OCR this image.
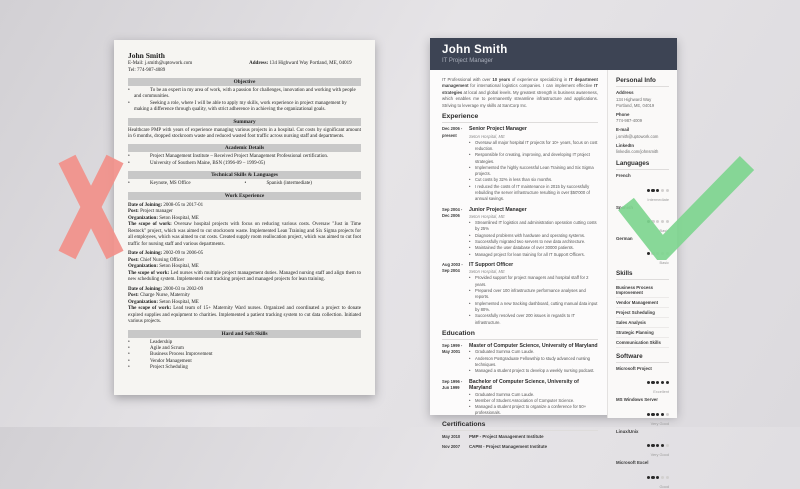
John Smith
E-Mail: j.smith@uptowork.com
Tel: 774-987-4089
Address: 134 Highward Way Portland, ME, 04019
Objective
• To be an expert in my area of work, with a passion for challenges, innovation and working with people and communities.
• Seeking a role, where I will be able to apply my skills, work experience in project management by making a difference through quality, with strict adherence in achieving the organizational goals.
Summary

Healthcare PMP with years of experience managing various projects in a hospital. Cut costs by significant amount in 6 months, dropped stockroom waste and reduced wasted foot traffic across nursing staff and departments.

Academic Details
• Project Management Institute – Received Project Management Professional certification.
• University of Southern Maine, BSN (1996-09 – 1999-05)
Technical Skills & Languages
• Keynote, MS Office	• Spanish (intermediate)
Work Experience
Date of Joining: 2008-05 to 2017-01
Post: Project manager
Organization: Seton Hospital, ME
The scope of work: Oversaw hospital projects with focus on reducing various costs. Oversaw "Just in Time Restock" project, which was aimed to cut stockroom waste. Implemented Lean Training and Six Sigma projects for all employees, which was aimed to cut costs. Created supply room reallocation project, which was aimed to cut foot traffic for nursing staff and various departments.
Date of Joining: 2002-09 to 2006-05
Post: Chief Nursing Officer
Organization: Seton Hospital, ME
The scope of work: Led nurses with multiple project management duties. Managed nursing staff and align them to new scheduling system. Implemented cost tracking project and managed projects for lean training.
Date of Joining: 2000-03 to 2002-09
Post: Charge Nurse, Maternity
Organization: Seton Hospital, ME
The scope of work: Lead team of 15+ Maternity Ward nurses. Organized and coordinated a project to donate expired supplies and equipment to charities. Implemented a patient tracking system to cut data collection. Initiated various projects.
Hard and Soft Skills
• Leadership
• Agile and Scrum
• Business Process Improvement
• Vendor Management
• Project Scheduling
John Smith
IT Project Manager

IT Professional with over 10 years of experience specializing in IT department management for international logistics companies. I can implement effective IT strategies at local and global levels. My greatest strength is business awareness, which enables me to permanently streamline infrastructure and applications. Striving to leverage my skills at SanCorp Inc.

Experience
Dec 2006 -
present
Senior Project Manager
Seton Hospital, ME
• Oversaw all major hospital IT projects for 10+ years, focus on cost reduction.
• Responsible for creating, improving, and developing IT project strategies.
• Implemented the highly successful Lean Training and Six Sigma projects.
• Cut costs by 32% in less than six months.
• I reduced the costs of IT maintenance in 2015 by successfully rebuilding the server infrastructure resulting in over $50'000 of annual savings.
Sep 2004 -
Dec 2006
Junior Project Manager
Seton Hospital, ME
• Streamlined IT logistics and administration operation cutting costs by 25%
• Diagnosed problems with hardware and operating systems.
• Successfully migrated two servers to new data architecture.
• Maintained the user database of over 30000 patients.
• Managed project for lean training for all IT Support Officers.
Aug 2003 -
Sep 2004
IT Support Officer
Seton Hospital, ME
• Provided support for project managers and hospital staff for 2 years.
• Prepared over 100 infrastructure performance analyses and reports.
• Implemented a new tracking dashboard, cutting manual data input by 80%.
• Successfully resolved over 200 issues in regards to IT infrastructure.
Education
Sep 1999 -
May 2001
Master of Computer Science, University of Maryland
• Graduated Summa Cum Laude.
• Anderson Postgraduate Fellowship to study advanced nursing techniques.
• Managed a student project to develop a weekly nursing podcast.
Sep 1996 -
Jun 1999
Bachelor of Computer Science, University of Maryland
• Graduated Summa Cum Laude.
• Member of Student Association of Computer Science.
• Managed a student project to organize a conference for 50+ professionals.
Certifications
May 2010	PMP - Project Management Institute
Nov 2007	CAPM - Project Management Institute
Personal Info
Address
134 Highward Way
Portland, ME, 04019
Phone
774-987-4009
E-mail
j.smith@uptowork.com
LinkedIn
linkedin.com/johnsmith
Languages
French
Intermediate
Spanish
Basic
German
Basic
Skills
Business Process Improvement
Vendor Management
Project Scheduling
Sales Analysis
Strategic Planning
Communication Skills
Software
Microsoft Project
Excellent
MS Windows Server
Very Good
Linux/Unix
Very Good
Microsoft Excel
Good
